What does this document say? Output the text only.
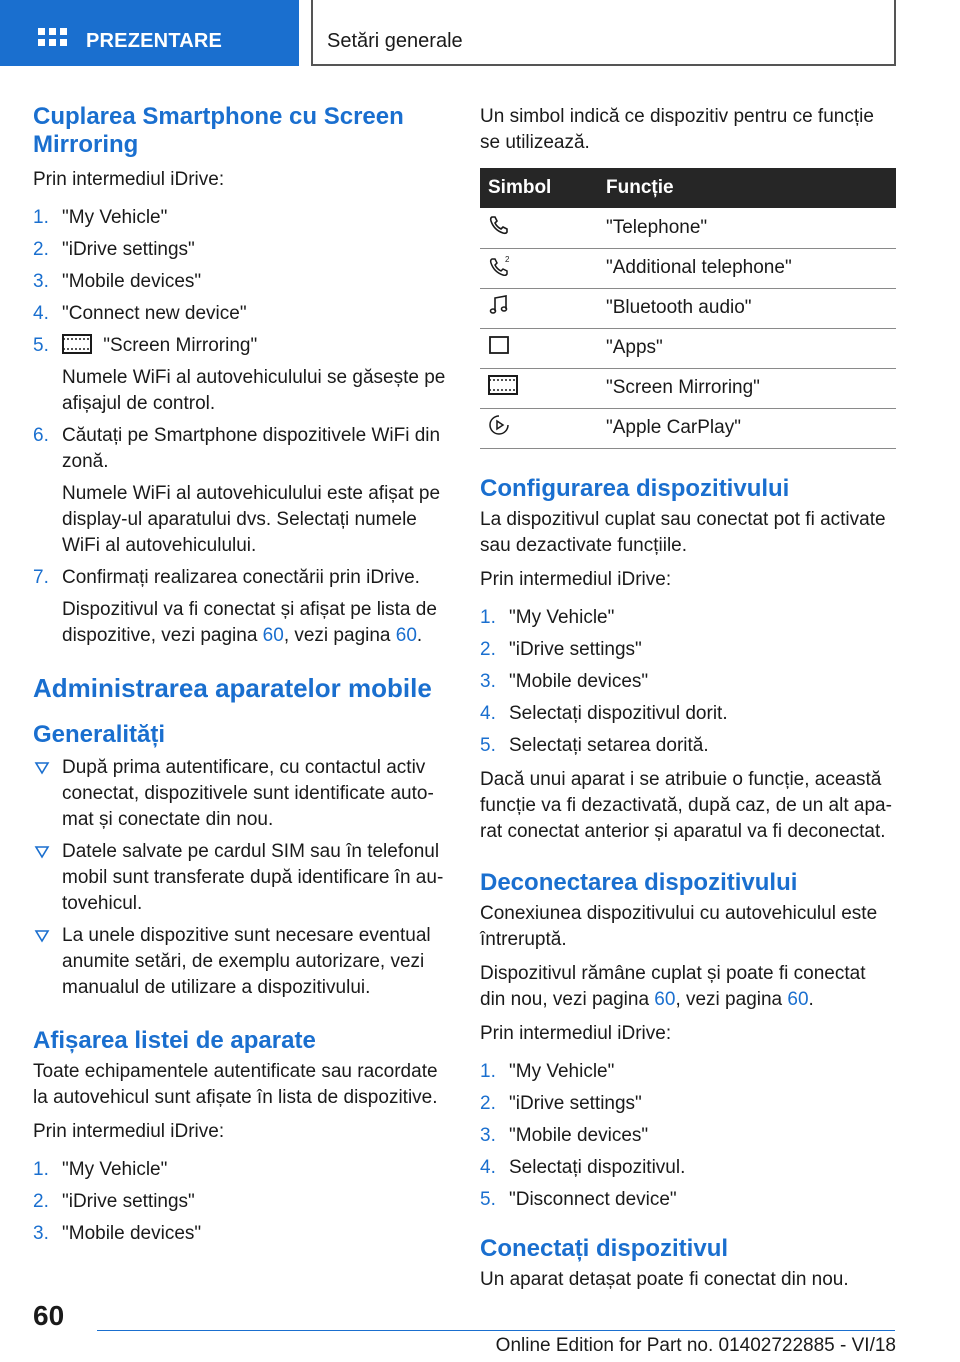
PREZENTARE	Setări generale
Cuplarea Smartphone cu Screen Mirroring

Prin intermediul iDrive:

1. "My Vehicle"
2. "iDrive settings"
3. "Mobile devices"
4. "Connect new device"
5.	"Screen Mirroring"

Numele WiFi al autovehiculului se găsește pe afișajul de control.

6. Căutați pe Smartphone dispozitivele WiFi din zonă.

Numele WiFi al autovehiculului este afișat pe display-ul aparatului dvs. Selectați numele WiFi al autovehiculului.

7. Confirmați realizarea conectării prin iDrive.

Dispozitivul va fi conectat și afișat pe lista de dispozitive, vezi pagina 60, vezi pagina 60.

Administrarea aparatelor mobile
Generalități
După prima autentificare, cu contactul activ conectat, dispozitivele sunt identificate automat și conectate din nou.
Datele salvate pe cardul SIM sau în telefonul mobil sunt transferate după identificare în autovehicul.
La unele dispozitive sunt necesare eventual anumite setări, de exemplu autorizare, vezi manualul de utilizare a dispozitivului.
Afișarea listei de aparate

Toate echipamentele autentificate sau racordate la autovehicul sunt afișate în lista de dispozitive.

Prin intermediul iDrive:

1. "My Vehicle"
2. "iDrive settings"
3. "Mobile devices"

Un simbol indică ce dispozitiv pentru ce funcție se utilizează.

Simbol	Funcție
	"Telephone"

2	"Additional telephone"
	"Bluetooth audio"
	"Apps"
	"Screen Mirroring"
	"Apple CarPlay"
Configurarea dispozitivului

La dispozitivul cuplat sau conectat pot fi activate sau dezactivate funcțiile.

Prin intermediul iDrive:

1. "My Vehicle"
2. "iDrive settings"
3. "Mobile devices"
4. Selectați dispozitivul dorit.
5. Selectați setarea dorită.

Dacă unui aparat i se atribuie o funcție, această funcție va fi dezactivată, după caz, de un alt aparat conectat anterior și aparatul va fi deconectat.

Deconectarea dispozitivului

Conexiunea dispozitivului cu autovehiculul este întreruptă.

Dispozitivul rămâne cuplat și poate fi conectat din nou, vezi pagina 60, vezi pagina 60.

Prin intermediul iDrive:

1. "My Vehicle"
2. "iDrive settings"
3. "Mobile devices"
4. Selectați dispozitivul.
5. "Disconnect device"
Conectați dispozitivul

Un aparat detașat poate fi conectat din nou.

60
Online Edition for Part no. 01402722885 - VI/18
